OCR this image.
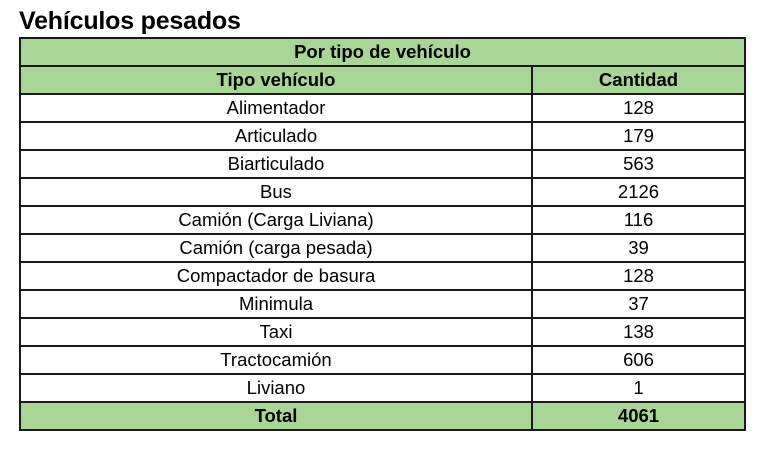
Vehículos pesados
Por tipo de vehículo	
Tipo vehículo	Cantidad
Alimentador	128
Articulado	179
Biarticulado	563
Bus	2126
Camión (Carga Liviana)	116
Camión (carga pesada)	39
Compactador de basura	128
Minimula	37
Taxi	138
Tractocamión	606
Liviano	1
Total	4061
